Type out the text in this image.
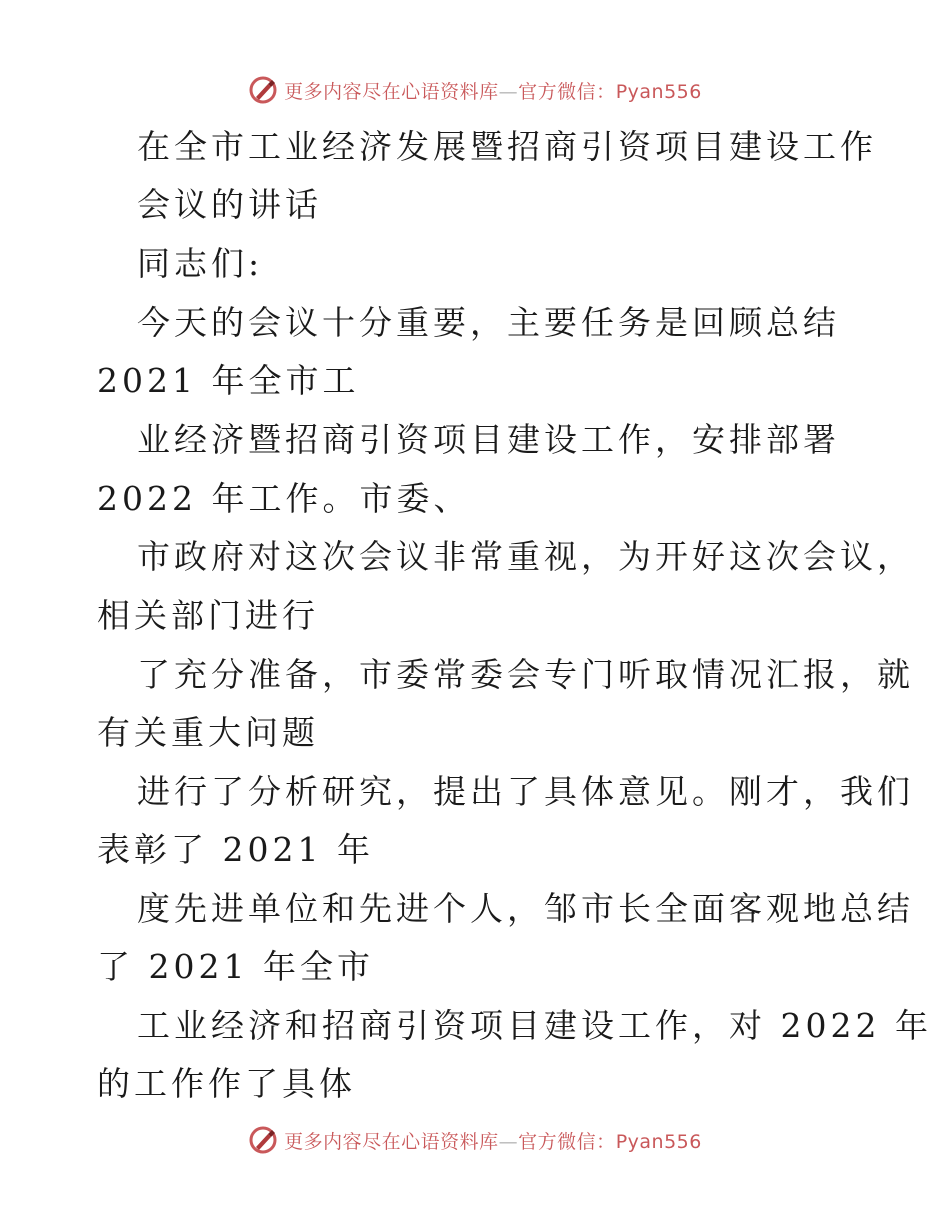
更多内容尽在心语资料库—官方微信：Pyan556

在全市工业经济发展暨招商引资项目建设工作

会议的讲话

同志们:

今天的会议十分重要，主要任务是回顾总结

2021 年全市工

业经济暨招商引资项目建设工作，安排部署

2022 年工作。市委、

市政府对这次会议非常重视，为开好这次会议，

相关部门进行

了充分准备，市委常委会专门听取情况汇报，就

有关重大问题

进行了分析研究，提出了具体意见。刚才，我们

表彰了 2021 年

度先进单位和先进个人，邹市长全面客观地总结

了 2021 年全市

工业经济和招商引资项目建设工作，对 2022 年

的工作作了具体

更多内容尽在心语资料库—官方微信：Pyan556
